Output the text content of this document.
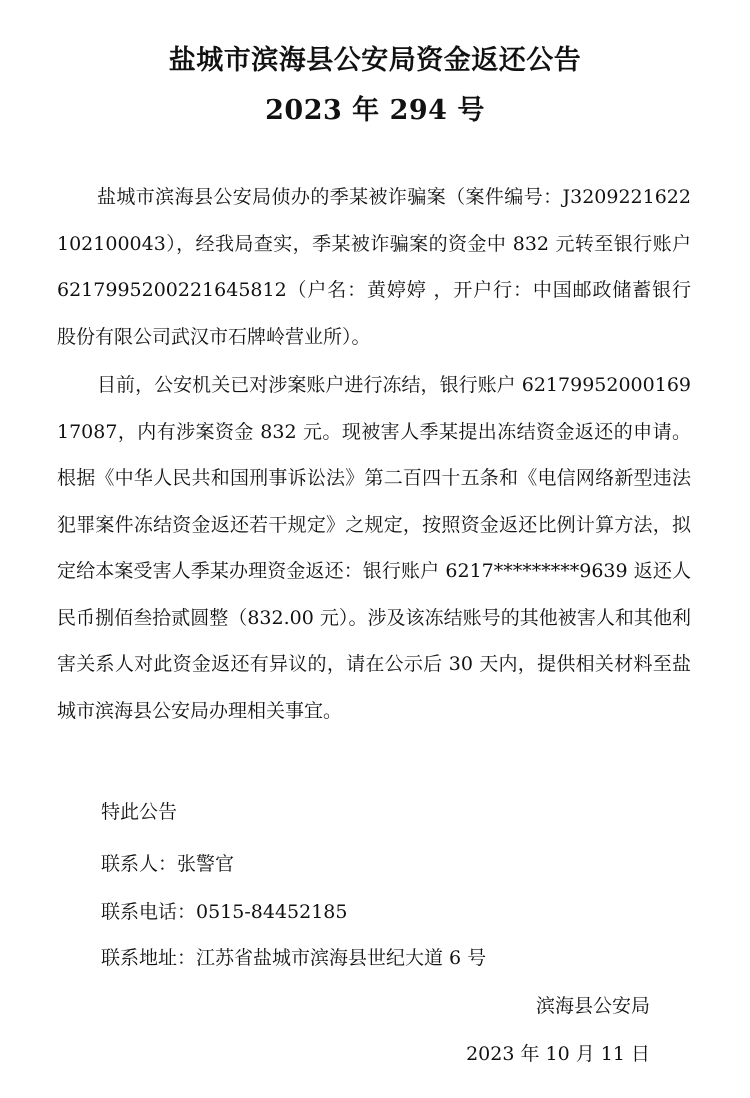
盐城市滨海县公安局资金返还公告
2023 年 294 号

盐城市滨海县公安局侦办的季某被诈骗案（案件编号：J3209221622102100043），经我局查实，季某被诈骗案的资金中 832 元转至银行账户 6217995200221645812（户名：黄婷婷 ，开户行：中国邮政储蓄银行股份有限公司武汉市石牌岭营业所）。

目前，公安机关已对涉案账户进行冻结，银行账户 6217995200016917087，内有涉案资金 832 元。现被害人季某提出冻结资金返还的申请。根据《中华人民共和国刑事诉讼法》第二百四十五条和《电信网络新型违法犯罪案件冻结资金返还若干规定》之规定，按照资金返还比例计算方法，拟定给本案受害人季某办理资金返还：银行账户 6217*********9639 返还人民币捌佰叁拾贰圆整（832.00 元）。涉及该冻结账号的其他被害人和其他利害关系人对此资金返还有异议的，请在公示后 30 天内，提供相关材料至盐城市滨海县公安局办理相关事宜。

特此公告
联系人：张警官
联系电话：0515-84452185
联系地址：江苏省盐城市滨海县世纪大道 6 号
滨海县公安局
2023 年 10 月 11 日
